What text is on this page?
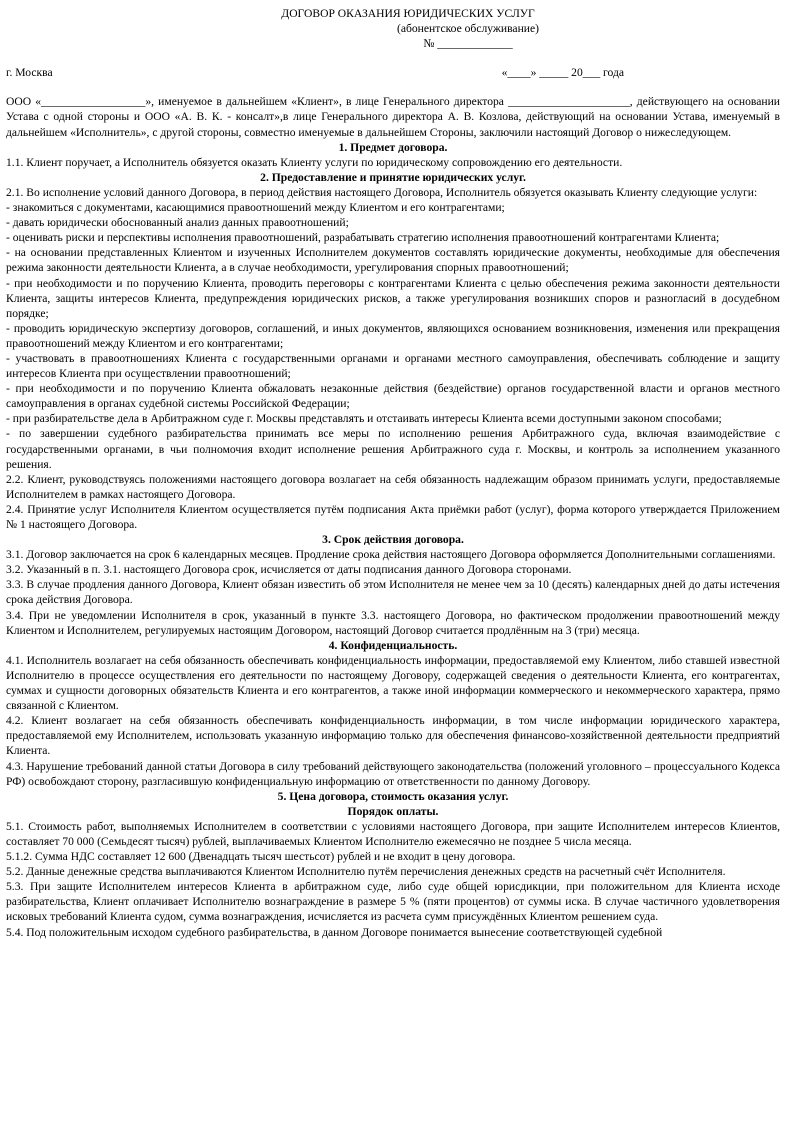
ДОГОВОР ОКАЗАНИЯ ЮРИДИЧЕСКИХ УСЛУГ
(абонентское обслуживание)
№ _____________
г. Москва	«____» _____ 20___ года

ООО «__________________», именуемое в дальнейшем «Клиент», в лице Генерального директора _____________________, действующего на основании Устава с одной стороны и ООО «А. В. К. - консалт»,в лице Генерального директора А. В. Козлова, действующий на основании Устава, именуемый в дальнейшем «Исполнитель», с другой стороны, совместно именуемые в дальнейшем Стороны, заключили настоящий Договор о нижеследующем.

1. Предмет договора.

1.1. Клиент поручает, а Исполнитель обязуется оказать Клиенту услуги по юридическому сопровождению его деятельности.

2. Предоставление и принятие юридических услуг.

2.1. Во исполнение условий данного Договора, в период действия настоящего Договора, Исполнитель обязуется оказывать Клиенту следующие услуги:

- знакомиться с документами, касающимися правоотношений между Клиентом и его контрагентами;

- давать юридически обоснованный анализ данных правоотношений;

- оценивать риски и перспективы исполнения правоотношений, разрабатывать стратегию исполнения правоотношений контрагентами Клиента;

- на основании представленных Клиентом и изученных Исполнителем документов составлять юридические документы, необходимые для обеспечения режима законности деятельности Клиента, а в случае необходимости, урегулирования спорных правоотношений;

- при необходимости и по поручению Клиента, проводить переговоры с контрагентами Клиента с целью обеспечения режима законности деятельности Клиента, защиты интересов Клиента, предупреждения юридических рисков, а также урегулирования возникших споров и разногласий в досудебном порядке;

- проводить юридическую экспертизу договоров, соглашений, и иных документов, являющихся основанием возникновения, изменения или прекращения правоотношений между Клиентом и его контрагентами;

- участвовать в правоотношениях Клиента с государственными органами и органами местного самоуправления, обеспечивать соблюдение и защиту интересов Клиента при осуществлении правоотношений;

- при необходимости и по поручению Клиента обжаловать незаконные действия (бездействие) органов государственной власти и органов местного самоуправления в органах судебной системы Российской Федерации;

- при разбирательстве дела в Арбитражном суде г. Москвы представлять и отстаивать интересы Клиента всеми доступными законом способами;

- по завершении судебного разбирательства принимать все меры по исполнению решения Арбитражного суда, включая взаимодействие с государственными органами, в чьи полномочия входит исполнение решения Арбитражного суда г. Москвы, и контроль за исполнением указанного решения.

2.2. Клиент, руководствуясь положениями настоящего договора возлагает на себя обязанность надлежащим образом принимать услуги, предоставляемые Исполнителем в рамках настоящего Договора.

2.4. Принятие услуг Исполнителя Клиентом осуществляется путём подписания Акта приёмки работ (услуг), форма которого утверждается Приложением № 1 настоящего Договора.

3. Срок действия договора.

3.1. Договор заключается на срок 6 календарных месяцев. Продление срока действия настоящего Договора оформляется Дополнительными соглашениями.

3.2. Указанный в п. 3.1. настоящего Договора срок, исчисляется от даты подписания данного Договора сторонами.

3.3. В случае продления данного Договора, Клиент обязан известить об этом Исполнителя не менее чем за 10 (десять) календарных дней до даты истечения срока действия Договора.

3.4. При не уведомлении Исполнителя в срок, указанный в пункте 3.3. настоящего Договора, но фактическом продолжении правоотношений между Клиентом и Исполнителем, регулируемых настоящим Договором, настоящий Договор считается продлённым на 3 (три) месяца.

4. Конфиденциальность.

4.1. Исполнитель возлагает на себя обязанность обеспечивать конфиденциальность информации, предоставляемой ему Клиентом, либо ставшей известной Исполнителю в процессе осуществления его деятельности по настоящему Договору, содержащей сведения о деятельности Клиента, его контрагентах, суммах и сущности договорных обязательств Клиента и его контрагентов, а также иной информации коммерческого и некоммерческого характера, прямо связанной с Клиентом.

4.2. Клиент возлагает на себя обязанность обеспечивать конфиденциальность информации, в том числе информации юридического характера, предоставляемой ему Исполнителем, использовать указанную информацию только для обеспечения финансово-хозяйственной деятельности предприятий Клиента.

4.3. Нарушение требований данной статьи Договора в силу требований действующего законодательства (положений уголовного – процессуального Кодекса РФ) освобождают сторону, разгласившую конфиденциальную информацию от ответственности по данному Договору.

5. Цена договора, стоимость оказания услуг.
Порядок оплаты.

5.1. Стоимость работ, выполняемых Исполнителем в соответствии с условиями настоящего Договора, при защите Исполнителем интересов Клиентов, составляет 70 000 (Семьдесят тысяч) рублей, выплачиваемых Клиентом Исполнителю ежемесячно не позднее 5 числа месяца.

5.1.2. Сумма НДС составляет 12 600 (Двенадцать тысяч шестьсот) рублей и не входит в цену договора.

5.2. Данные денежные средства выплачиваются Клиентом Исполнителю путём перечисления денежных средств на расчетный счёт Исполнителя.

5.3. При защите Исполнителем интересов Клиента в арбитражном суде, либо суде общей юрисдикции, при положительном для Клиента исходе разбирательства, Клиент оплачивает Исполнителю вознаграждение в размере 5 % (пяти процентов) от суммы иска. В случае частичного удовлетворения исковых требований Клиента судом, сумма вознаграждения, исчисляется из расчета сумм присуждённых Клиентом решением суда.

5.4. Под положительным исходом судебного разбирательства, в данном Договоре понимается вынесение соответствующей судебной
